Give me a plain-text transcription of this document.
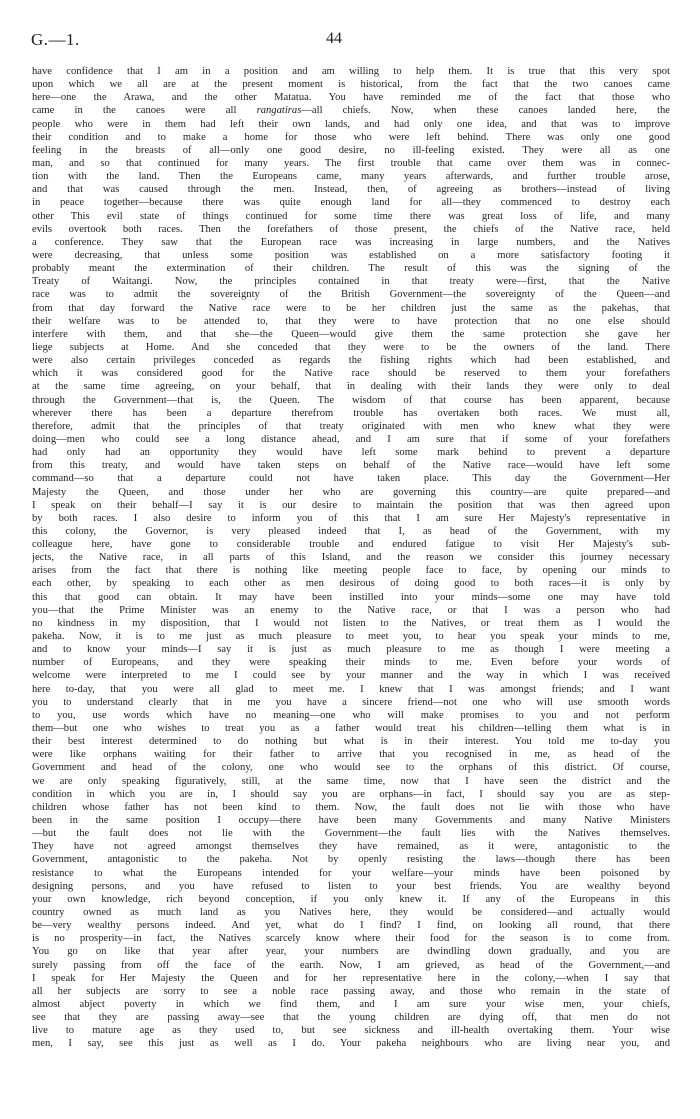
G.—1.	44
have confidence that I am in a position and am willing to help them. It is true that this very spot
upon which we all are at the present moment is historical, from the fact that the two canoes came
here—one the Arawa, and the other Matatua. You have reminded me of the fact that those who
came in the canoes were all rangatiras—all chiefs. Now, when these canoes landed here, the
people who were in them had left their own lands, and had only one idea, and that was to improve
their condition and to make a home for those who were left behind. There was only one good
feeling in the breasts of all—only one good desire, no ill-feeling existed. They were all as one
man, and so that continued for many years. The first trouble that came over them was in connec-
tion with the land. Then the Europeans came, many years afterwards, and further trouble arose,
and that was caused through the men. Instead, then, of agreeing as brothers—instead of living
in peace together—because there was quite enough land for all—they commenced to destroy each
other This evil state of things continued for some time there was great loss of life, and many
evils overtook both races. Then the forefathers of those present, the chiefs of the Native race, held
a conference. They saw that the European race was increasing in large numbers, and the Natives
were decreasing, that unless some position was established on a more satisfactory footing it
probably meant the extermination of their children. The result of this was the signing of the
Treaty of Waitangi. Now, the principles contained in that treaty were—first, that the Native
race was to admit the sovereignty of the British Government—the sovereignty of the Queen—and
from that day forward the Native race were to be her children just the same as the pakehas, that
their welfare was to be attended to, that they were to have protection that no one else should
interfere with them, and that she—the Queen—would give them the same protection she gave her
liege subjects at Home. And she conceded that they were to be the owners of the land. There
were also certain privileges conceded as regards the fishing rights which had been established, and
which it was considered good for the Native race should be reserved to them your forefathers
at the same time agreeing, on your behalf, that in dealing with their lands they were only to deal
through the Government—that is, the Queen. The wisdom of that course has been apparent, because
wherever there has been a departure therefrom trouble has overtaken both races. We must all,
therefore, admit that the principles of that treaty originated with men who knew what they were
doing—men who could see a long distance ahead, and I am sure that if some of your forefathers
had only had an opportunity they would have left some mark behind to prevent a departure
from this treaty, and would have taken steps on behalf of the Native race—would have left some
command—so that a departure could not have taken place. This day the Government—Her
Majesty the Queen, and those under her who are governing this country—are quite prepared—and
I speak on their behalf—I say it is our desire to maintain the position that was then agreed upon
by both races. I also desire to inform you of this that I am sure Her Majesty's representative in
this colony, the Governor, is very pleased indeed that I, as head of the Government, with my
colleague here, have gone to considerable trouble and endured fatigue to visit Her Majesty's sub-
jects, the Native race, in all parts of this Island, and the reason we consider this journey necessary
arises from the fact that there is nothing like meeting people face to face, by opening our minds to
each other, by speaking to each other as men desirous of doing good to both races—it is only by
this that good can obtain. It may have been instilled into your minds—some one may have told
you—that the Prime Minister was an enemy to the Native race, or that I was a person who had
no kindness in my disposition, that I would not listen to the Natives, or treat them as I would the
pakeha. Now, it is to me just as much pleasure to meet you, to hear you speak your minds to me,
and to know your minds—I say it is just as much pleasure to me as though I were meeting a
number of Europeans, and they were speaking their minds to me. Even before your words of
welcome were interpreted to me I could see by your manner and the way in which I was received
here to-day, that you were all glad to meet me. I knew that I was amongst friends; and I want
you to understand clearly that in me you have a sincere friend—not one who will use smooth words
to you, use words which have no meaning—one who will make promises to you and not perform
them—but one who wishes to treat you as a father would treat his children—telling them what is in
their best interest determined to do nothing but what is in their interest. You told me to-day you
were like orphans waiting for their father to arrive that you recognised in me, as head of the
Government and head of the colony, one who would see to the orphans of this district. Of course,
we are only speaking figuratively, still, at the same time, now that I have seen the district and the
condition in which you are in, I should say you are orphans—in fact, I should say you are as step-
children whose father has not been kind to them. Now, the fault does not lie with those who have
been in the same position I occupy—there have been many Governments and many Native Ministers
—but the fault does not lie with the Government—the fault lies with the Natives themselves.
They have not agreed amongst themselves they have remained, as it were, antagonistic to the
Government, antagonistic to the pakeha. Not by openly resisting the laws—though there has been
resistance to what the Europeans intended for your welfare—your minds have been poisoned by
designing persons, and you have refused to listen to your best friends. You are wealthy beyond
your own knowledge, rich beyond conception, if you only knew it. If any of the Europeans in this
country owned as much land as you Natives here, they would be considered—and actually would
be—very wealthy persons indeed. And yet, what do I find? I find, on looking all round, that there
is no prosperity—in fact, the Natives scarcely know where their food for the season is to come from.
You go on like that year after year, your numbers are dwindling down gradually, and you are
surely passing from off the face of the earth. Now, I am grieved, as head of the Government,—and
I speak for Her Majesty the Queen and for her representative here in the colony,—when I say that
all her subjects are sorry to see a noble race passing away, and those who remain in the state of
almost abject poverty in which we find them, and I am sure your wise men, your chiefs,
see that they are passing away—see that the young children are dying off, that men do not
live to mature age as they used to, but see sickness and ill-health overtaking them. Your wise
men, I say, see this just as well as I do. Your pakeha neighbours who are living near you, and
